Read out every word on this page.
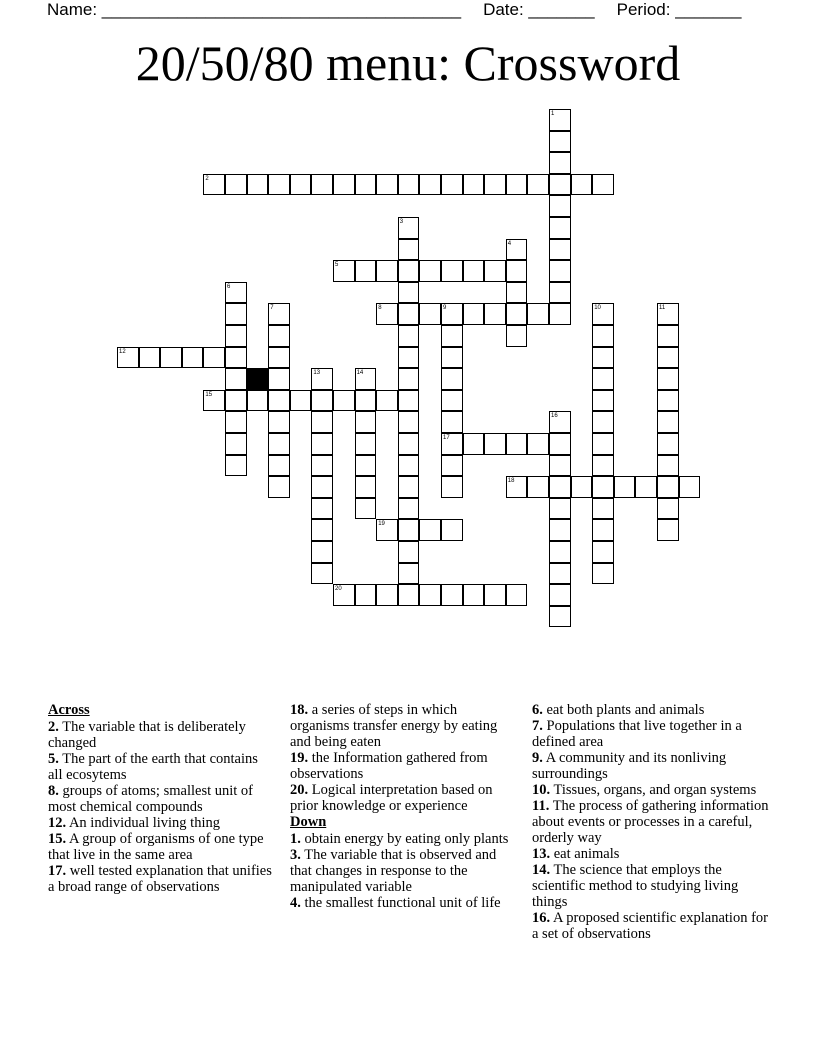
Name: ______________________________________ Date: _______ Period: _______
20/50/80 menu: Crossword
1
2
3
4
5
6
7	8	9	10	11
12
13	14
15
16
17
18
19
20
Across
2. The variable that is deliberately changed
5. The part of the earth that contains all ecosytems
8. groups of atoms; smallest unit of most chemical compounds
12. An individual living thing
15. A group of organisms of one type that live in the same area
17. well tested explanation that unifies a broad range of observations
18. a series of steps in which organisms transfer energy by eating and being eaten
19. the Information gathered from observations
20. Logical interpretation based on prior knowledge or experience
Down
1. obtain energy by eating only plants
3. The variable that is observed and that changes in response to the manipulated variable
4. the smallest functional unit of life
6. eat both plants and animals
7. Populations that live together in a defined area
9. A community and its nonliving surroundings
10. Tissues, organs, and organ systems
11. The process of gathering information about events or processes in a careful, orderly way
13. eat animals
14. The science that employs the scientific method to studying living things
16. A proposed scientific explanation for a set of observations
